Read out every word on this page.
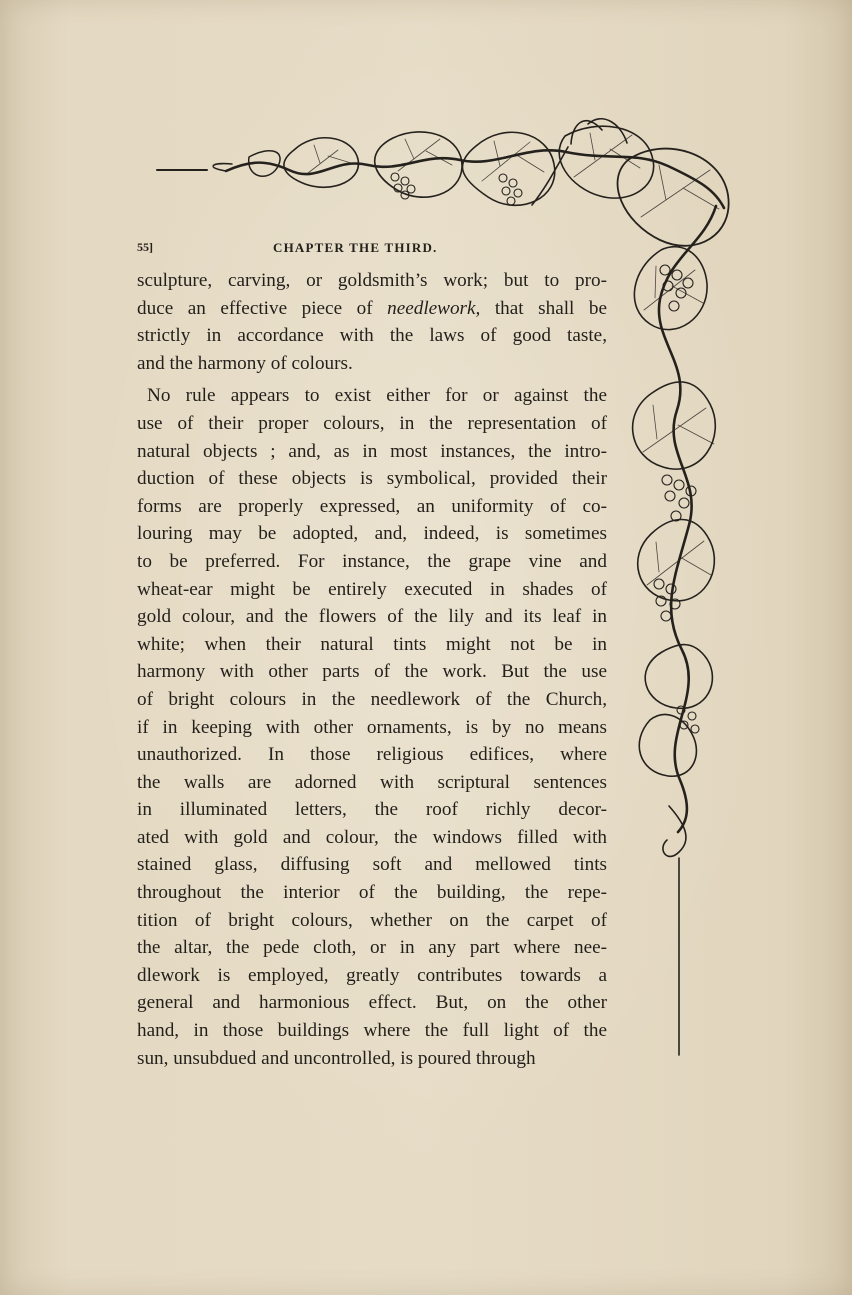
55]	CHAPTER THE THIRD.
sculpture, carving, or goldsmith’s work; but to pro-
duce an effective piece of needlework, that shall be
strictly in accordance with the laws of good taste,
and the harmony of colours.
No rule appears to exist either for or against the
use of their proper colours, in the representation of
natural objects ; and, as in most instances, the intro-
duction of these objects is symbolical, provided their
forms are properly expressed, an uniformity of co-
louring may be adopted, and, indeed, is sometimes
to be preferred. For instance, the grape vine and
wheat-ear might be entirely executed in shades of
gold colour, and the flowers of the lily and its leaf in
white; when their natural tints might not be in
harmony with other parts of the work. But the use
of bright colours in the needlework of the Church,
if in keeping with other ornaments, is by no means
unauthorized. In those religious edifices, where
the walls are adorned with scriptural sentences
in illuminated letters, the roof richly decor-
ated with gold and colour, the windows filled with
stained glass, diffusing soft and mellowed tints
throughout the interior of the building, the repe-
tition of bright colours, whether on the carpet of
the altar, the pede cloth, or in any part where nee-
dlework is employed, greatly contributes towards a
general and harmonious effect. But, on the other
hand, in those buildings where the full light of the
sun, unsubdued and uncontrolled, is poured through
